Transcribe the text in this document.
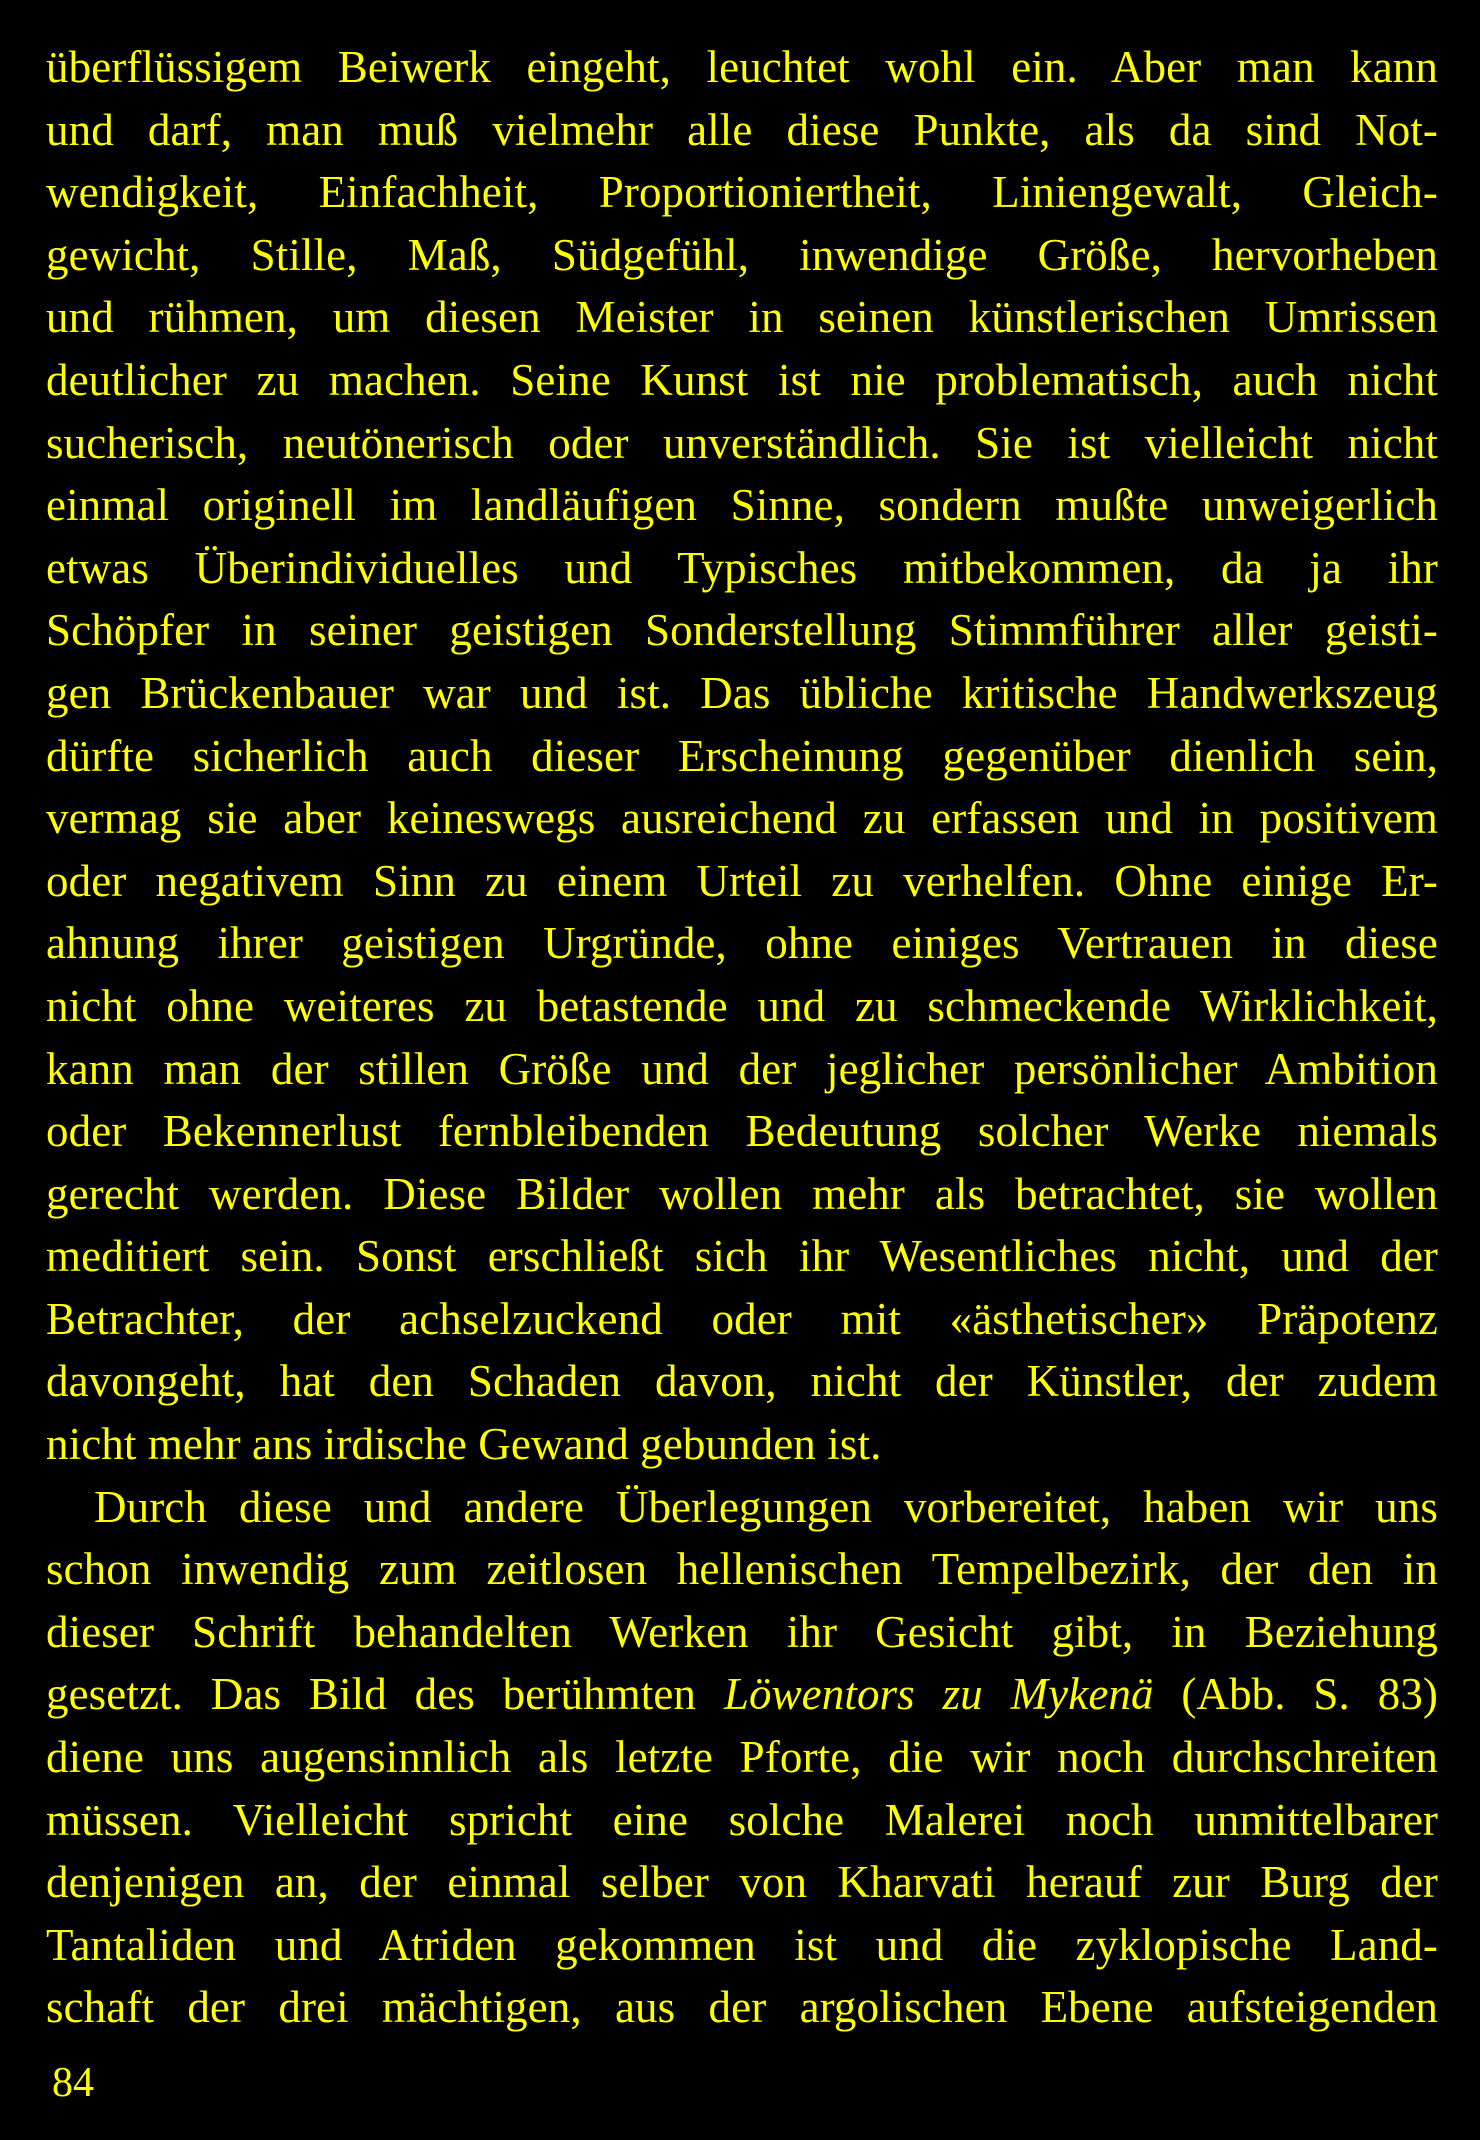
überflüssigem Beiwerk eingeht, leuchtet wohl ein. Aber man kann
und darf, man muß vielmehr alle diese Punkte, als da sind Not-
wendigkeit, Einfachheit, Proportioniertheit, Liniengewalt, Gleich-
gewicht, Stille, Maß, Südgefühl, inwendige Größe, hervorheben
und rühmen, um diesen Meister in seinen künstlerischen Umrissen
deutlicher zu machen. Seine Kunst ist nie problematisch, auch nicht
sucherisch, neutönerisch oder unverständlich. Sie ist vielleicht nicht
einmal originell im landläufigen Sinne, sondern mußte unweigerlich
etwas Überindividuelles und Typisches mitbekommen, da ja ihr
Schöpfer in seiner geistigen Sonderstellung Stimmführer aller geisti-
gen Brückenbauer war und ist. Das übliche kritische Handwerkszeug
dürfte sicherlich auch dieser Erscheinung gegenüber dienlich sein,
vermag sie aber keineswegs ausreichend zu erfassen und in positivem
oder negativem Sinn zu einem Urteil zu verhelfen. Ohne einige Er-
ahnung ihrer geistigen Urgründe, ohne einiges Vertrauen in diese
nicht ohne weiteres zu betastende und zu schmeckende Wirklichkeit,
kann man der stillen Größe und der jeglicher persönlicher Ambition
oder Bekennerlust fernbleibenden Bedeutung solcher Werke niemals
gerecht werden. Diese Bilder wollen mehr als betrachtet, sie wollen
meditiert sein. Sonst erschließt sich ihr Wesentliches nicht, und der
Betrachter, der achselzuckend oder mit «ästhetischer» Präpotenz
davongeht, hat den Schaden davon, nicht der Künstler, der zudem
nicht mehr ans irdische Gewand gebunden ist.
Durch diese und andere Überlegungen vorbereitet, haben wir uns
schon inwendig zum zeitlosen hellenischen Tempelbezirk, der den in
dieser Schrift behandelten Werken ihr Gesicht gibt, in Beziehung
gesetzt. Das Bild des berühmten Löwentors zu Mykenä (Abb. S. 83)
diene uns augensinnlich als letzte Pforte, die wir noch durchschreiten
müssen. Vielleicht spricht eine solche Malerei noch unmittelbarer
denjenigen an, der einmal selber von Kharvati herauf zur Burg der
Tantaliden und Atriden gekommen ist und die zyklopische Land-
schaft der drei mächtigen, aus der argolischen Ebene aufsteigenden
84
